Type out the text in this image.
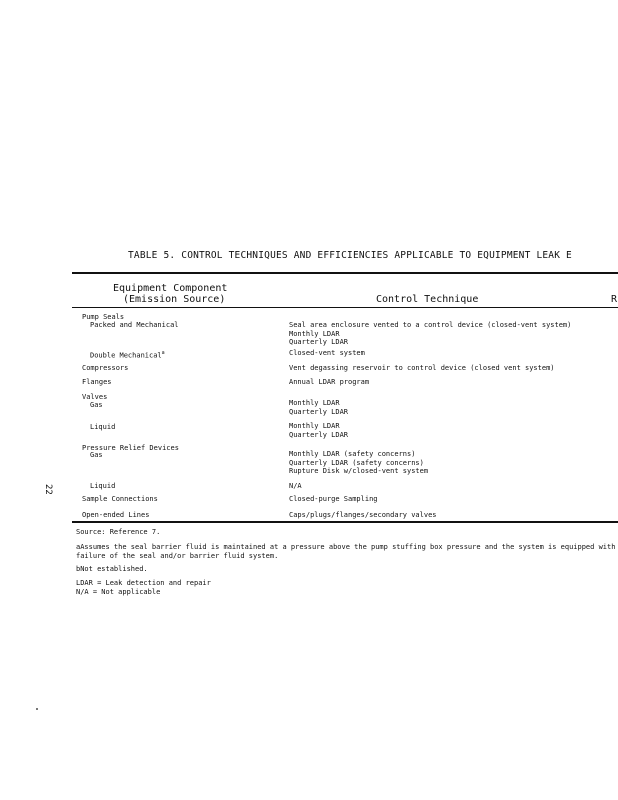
TABLE 5. CONTROL TECHNIQUES AND EFFICIENCIES APPLICABLE TO EQUIPMENT LEAK E
Equipment Component
(Emission Source)	Control Technique	R
Pump Seals
Packed and Mechanical	Seal area enclosure vented to a control device (closed-vent system)
Monthly LDAR
Quarterly LDAR
Double Mechanical$^a$	Closed-vent system
Compressors	Vent degassing reservoir to control device (closed vent system)
Flanges	Annual LDAR program
Valves
Gas	Monthly LDAR
Quarterly LDAR
Liquid	Monthly LDAR
Quarterly LDAR
Pressure Relief Devices
Gas	Monthly LDAR (safety concerns)
Quarterly LDAR (safety concerns)
Rupture Disk w/closed-vent system
Liquid	N/A
Sample Connections	Closed-purge Sampling
Open-ended Lines	Caps/plugs/flanges/secondary valves
Source: Reference 7.
aAssumes the seal barrier fluid is maintained at a pressure above the pump stuffing box pressure and the system is equipped with
failure of the seal and/or barrier fluid system.
bNot established.
LDAR = Leak detection and repair
N/A = Not applicable
22
